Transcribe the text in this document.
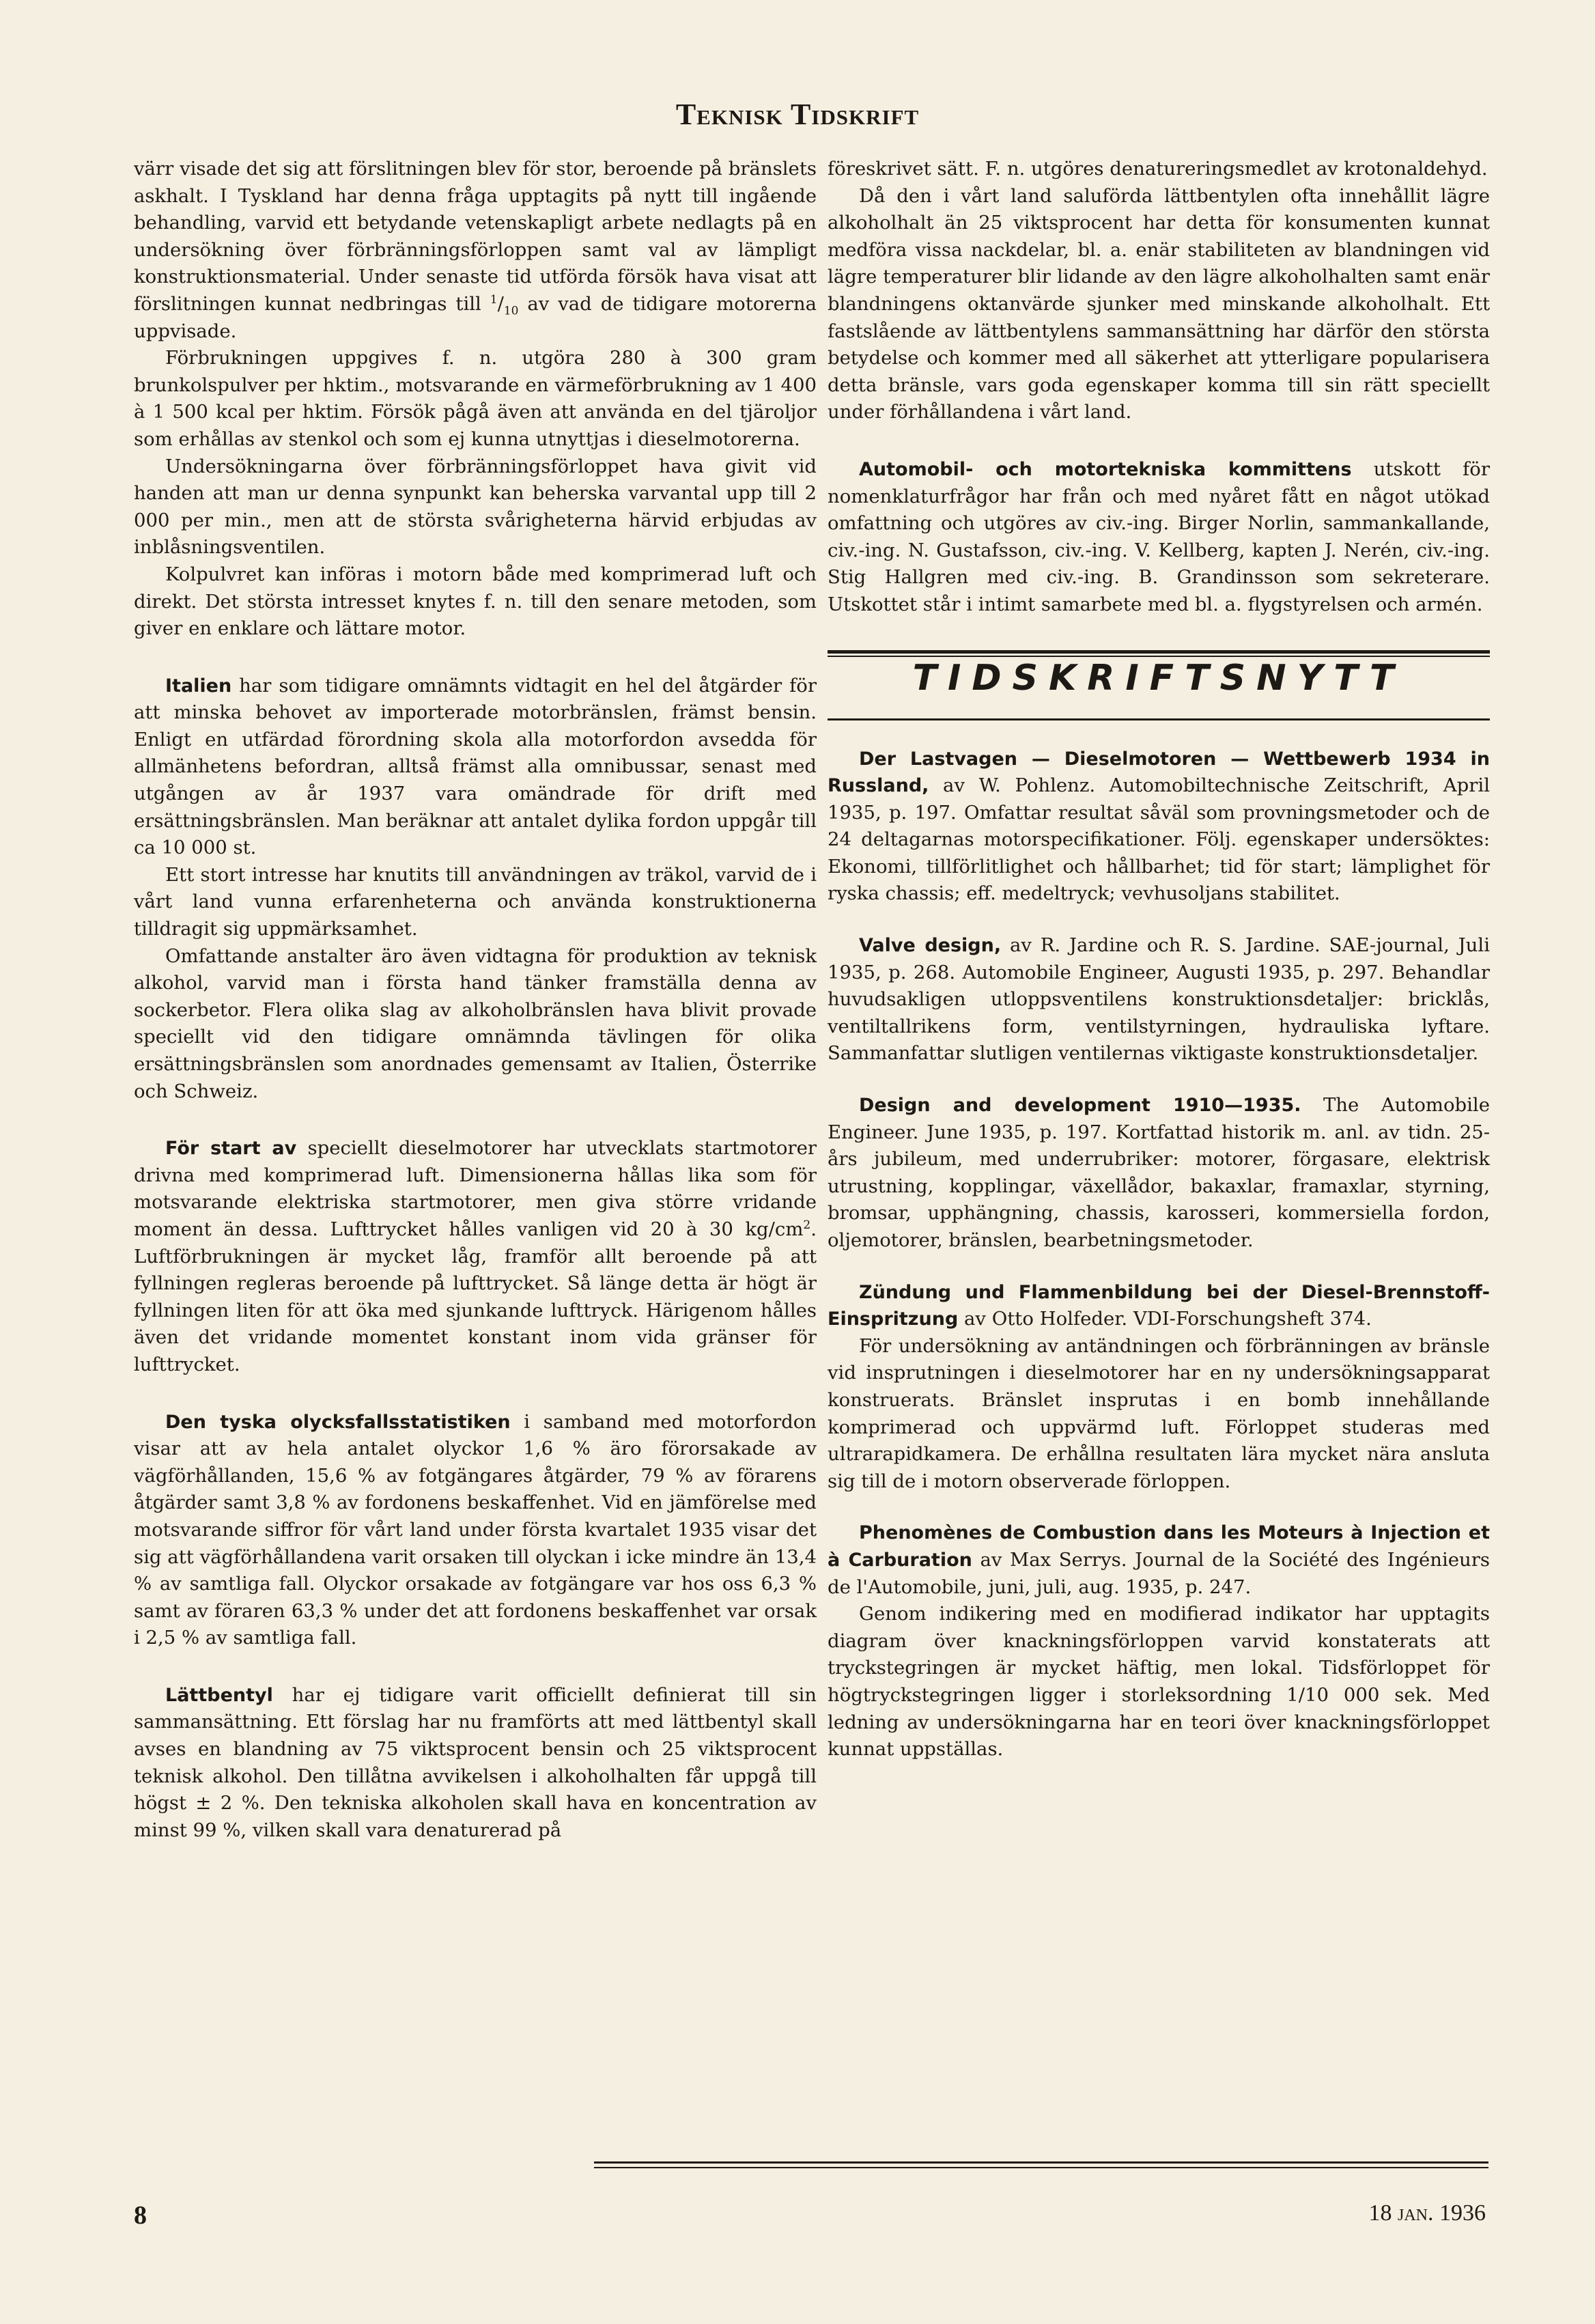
Teknisk Tidskrift

värr visade det sig att förslitningen blev för stor, beroende på bränslets askhalt. I Tyskland har denna fråga upptagits på nytt till ingående behandling, varvid ett betydande vetenskapligt arbete nedlagts på en undersökning över förbränningsförloppen samt val av lämpligt konstruktionsmaterial. Under senaste tid utförda försök hava visat att förslitningen kunnat nedbringas till $^1/_{10}$ av vad de tidigare motorerna uppvisade.

Förbrukningen uppgives f. n. utgöra 280 à 300 gram brunkolspulver per hktim., motsvarande en värmeförbrukning av 1 400 à 1 500 kcal per hktim. Försök pågå även att använda en del tjäroljor som erhållas av stenkol och som ej kunna utnyttjas i dieselmotorerna.

Undersökningarna över förbränningsförloppet hava givit vid handen att man ur denna synpunkt kan beherska varvantal upp till 2 000 per min., men att de största svårigheterna härvid erbjudas av inblåsningsventilen.

Kolpulvret kan införas i motorn både med komprimerad luft och direkt. Det största intresset knytes f. n. till den senare metoden, som giver en enklare och lättare motor.

Italien har som tidigare omnämnts vidtagit en hel del åtgärder för att minska behovet av importerade motorbränslen, främst bensin. Enligt en utfärdad förordning skola alla motorfordon avsedda för allmänhetens befordran, alltså främst alla omnibussar, senast med utgången av år 1937 vara omändrade för drift med ersättningsbränslen. Man beräknar att antalet dylika fordon uppgår till ca 10 000 st.

Ett stort intresse har knutits till användningen av träkol, varvid de i vårt land vunna erfarenheterna och använda konstruktionerna tilldragit sig uppmärksamhet.

Omfattande anstalter äro även vidtagna för produktion av teknisk alkohol, varvid man i första hand tänker framställa denna av sockerbetor. Flera olika slag av alkoholbränslen hava blivit provade speciellt vid den tidigare omnämnda tävlingen för olika ersättningsbränslen som anordnades gemensamt av Italien, Österrike och Schweiz.

För start av speciellt dieselmotorer har utvecklats startmotorer drivna med komprimerad luft. Dimensionerna hållas lika som för motsvarande elektriska startmotorer, men giva större vridande moment än dessa. Lufttrycket hålles vanligen vid 20 à 30 $kg/cm^2$. Luftförbrukningen är mycket låg, framför allt beroende på att fyllningen regleras beroende på lufttrycket. Så länge detta är högt är fyllningen liten för att öka med sjunkande lufttryck. Härigenom hålles även det vridande momentet konstant inom vida gränser för lufttrycket.

Den tyska olycksfallsstatistiken i samband med motorfordon visar att av hela antalet olyckor 1,6 % äro förorsakade av vägförhållanden, 15,6 % av fotgängares åtgärder, 79 % av förarens åtgärder samt 3,8 % av fordonens beskaffenhet. Vid en jämförelse med motsvarande siffror för vårt land under första kvartalet 1935 visar det sig att vägförhållandena varit orsaken till olyckan i icke mindre än 13,4 % av samtliga fall. Olyckor orsakade av fotgängare var hos oss 6,3 % samt av föraren 63,3 % under det att fordonens beskaffenhet var orsak i 2,5 % av samtliga fall.

Lättbentyl har ej tidigare varit officiellt definierat till sin sammansättning. Ett förslag har nu framförts att med lättbentyl skall avses en blandning av 75 viktsprocent bensin och 25 viktsprocent teknisk alkohol. Den tillåtna avvikelsen i alkoholhalten får uppgå till högst ± 2 %. Den tekniska alkoholen skall hava en koncentration av minst 99 %, vilken skall vara denaturerad på

föreskrivet sätt. F. n. utgöres denatureringsmedlet av krotonaldehyd.

Då den i vårt land saluförda lättbentylen ofta innehållit lägre alkoholhalt än 25 viktsprocent har detta för konsumenten kunnat medföra vissa nackdelar, bl. a. enär stabiliteten av blandningen vid lägre temperaturer blir lidande av den lägre alkoholhalten samt enär blandningens oktanvärde sjunker med minskande alkoholhalt. Ett fastslående av lättbentylens sammansättning har därför den största betydelse och kommer med all säkerhet att ytterligare popularisera detta bränsle, vars goda egenskaper komma till sin rätt speciellt under förhållandena i vårt land.

Automobil- och motortekniska kommittens utskott för nomenklaturfrågor har från och med nyåret fått en något utökad omfattning och utgöres av civ.-ing. Birger Norlin, sammankallande, civ.-ing. N. Gustafsson, civ.-ing. V. Kellberg, kapten J. Nerén, civ.-ing. Stig Hallgren med civ.-ing. B. Grandinsson som sekreterare. Utskottet står i intimt samarbete med bl. a. flygstyrelsen och armén.

TIDSKRIFTSNYTT

Der Lastvagen — Dieselmotoren — Wettbewerb 1934 in Russland, av W. Pohlenz. Automobiltechnische Zeitschrift, April 1935, p. 197. Omfattar resultat såväl som provningsmetoder och de 24 deltagarnas motorspecifikationer. Följ. egenskaper undersöktes: Ekonomi, tillförlitlighet och hållbarhet; tid för start; lämplighet för ryska chassis; eff. medeltryck; vevhusoljans stabilitet.

Valve design, av R. Jardine och R. S. Jardine. SAE-journal, Juli 1935, p. 268. Automobile Engineer, Augusti 1935, p. 297. Behandlar huvudsakligen utloppsventilens konstruktionsdetaljer: bricklås, ventiltallrikens form, ventilstyrningen, hydrauliska lyftare. Sammanfattar slutligen ventilernas viktigaste konstruktionsdetaljer.

Design and development 1910—1935. The Automobile Engineer. June 1935, p. 197. Kortfattad historik m. anl. av tidn. 25-års jubileum, med underrubriker: motorer, förgasare, elektrisk utrustning, kopplingar, växellådor, bakaxlar, framaxlar, styrning, bromsar, upphängning, chassis, karosseri, kommersiella fordon, oljemotorer, bränslen, bearbetningsmetoder.

Zündung und Flammenbildung bei der Diesel-Brennstoff-Einspritzung av Otto Holfeder. VDI-Forschungsheft 374.

För undersökning av antändningen och förbränningen av bränsle vid insprutningen i dieselmotorer har en ny undersökningsapparat konstruerats. Bränslet insprutas i en bomb innehållande komprimerad och uppvärmd luft. Förloppet studeras med ultrarapidkamera. De erhållna resultaten lära mycket nära ansluta sig till de i motorn observerade förloppen.

Phenomènes de Combustion dans les Moteurs à Injection et à Carburation av Max Serrys. Journal de la Société des Ingénieurs de l'Automobile, juni, juli, aug. 1935, p. 247.

Genom indikering med en modifierad indikator har upptagits diagram över knackningsförloppen varvid konstaterats att tryckstegringen är mycket häftig, men lokal. Tidsförloppet för högtryckstegringen ligger i storleksordning 1/10 000 sek. Med ledning av undersökningarna har en teori över knackningsförloppet kunnat uppställas.

8	18 jan. 1936
